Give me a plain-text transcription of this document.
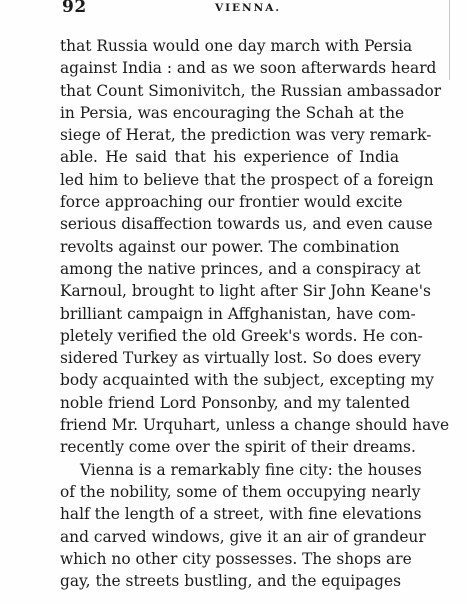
92	VIENNA.
that Russia would one day march with Persia
against India : and as we soon afterwards heard
that Count Simonivitch, the Russian ambassador
in Persia, was encouraging the Schah at the
siege of Herat, the prediction was very remark-
able. He said that his experience of India
led him to believe that the prospect of a foreign
force approaching our frontier would excite
serious disaffection towards us, and even cause
revolts against our power. The combination
among the native princes, and a conspiracy at
Karnoul, brought to light after Sir John Keane's
brilliant campaign in Affghanistan, have com-
pletely verified the old Greek's words. He con-
sidered Turkey as virtually lost. So does every
body acquainted with the subject, excepting my
noble friend Lord Ponsonby, and my talented
friend Mr. Urquhart, unless a change should have
recently come over the spirit of their dreams.
Vienna is a remarkably fine city: the houses
of the nobility, some of them occupying nearly
half the length of a street, with fine elevations
and carved windows, give it an air of grandeur
which no other city possesses. The shops are
gay, the streets bustling, and the equipages
